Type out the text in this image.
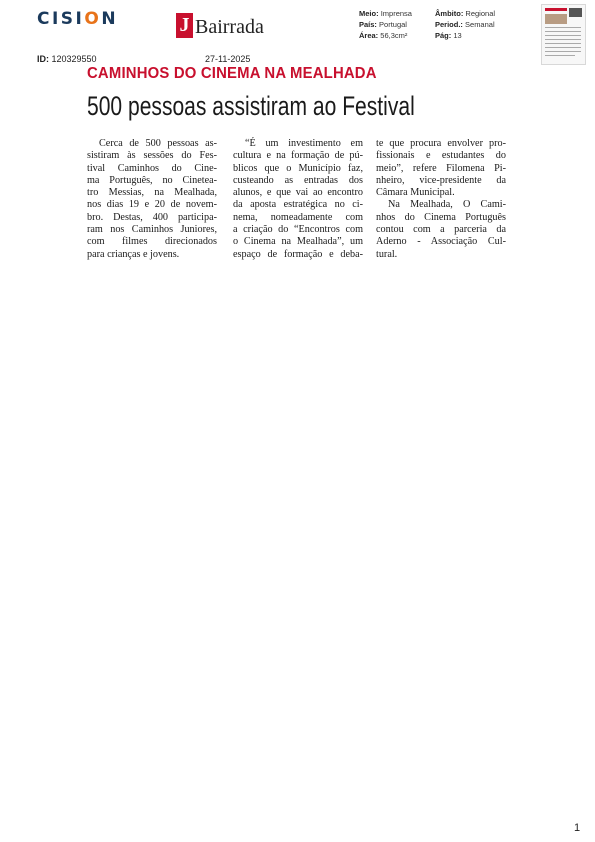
CISION	J Bairrada
Meio: Imprensa
País: Portugal
Área: 56,3cm²
Âmbito: Regional
Period.: Semanal
Pág: 13
ID: 120329550	27-11-2025
CAMINHOS DO CINEMA NA MEALHADA
500 pessoas assistiram ao Festival
Cerca de 500 pessoas as-
sistiram às sessões do Fes-
tival Caminhos do Cine-
ma Português, no Cinetea-
tro Messias, na Mealhada,
nos dias 19 e 20 de novem-
bro. Destas, 400 participa-
ram nos Caminhos Juniores,
com filmes direcionados
para crianças e jovens.
“É um investimento em
cultura e na formação de pú-
blicos que o Município faz,
custeando as entradas dos
alunos, e que vai ao encontro
da aposta estratégica no ci-
nema, nomeadamente com
a criação do “Encontros com
o Cinema na Mealhada”, um
espaço de formação e deba-
te que procura envolver pro-
fissionais e estudantes do
meio”, refere Filomena Pi-
nheiro, vice-presidente da
Câmara Municipal.
Na Mealhada, O Cami-
nhos do Cinema Português
contou com a parceria da
Aderno - Associação Cul-
tural.
1
